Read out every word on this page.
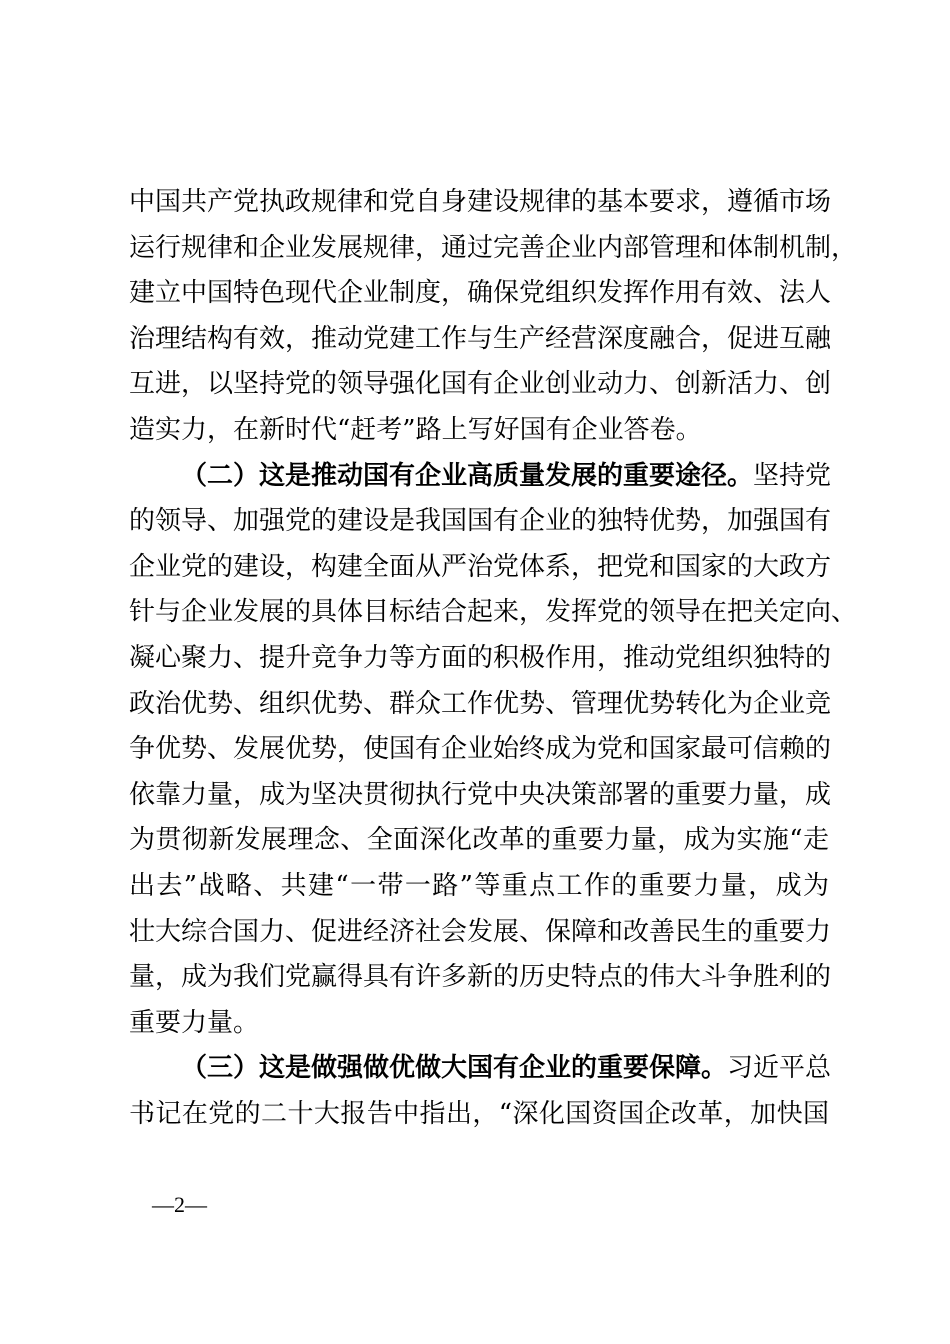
中国共产党执政规律和党自身建设规律的基本要求，遵循市场
运行规律和企业发展规律，通过完善企业内部管理和体制机制，
建立中国特色现代企业制度，确保党组织发挥作用有效、法人
治理结构有效，推动党建工作与生产经营深度融合，促进互融
互进，以坚持党的领导强化国有企业创业动力、创新活力、创
造实力，在新时代“赶考”路上写好国有企业答卷。
（二）这是推动国有企业高质量发展的重要途径。坚持党
的领导、加强党的建设是我国国有企业的独特优势，加强国有
企业党的建设，构建全面从严治党体系，把党和国家的大政方
针与企业发展的具体目标结合起来，发挥党的领导在把关定向、
凝心聚力、提升竞争力等方面的积极作用，推动党组织独特的
政治优势、组织优势、群众工作优势、管理优势转化为企业竞
争优势、发展优势，使国有企业始终成为党和国家最可信赖的
依靠力量，成为坚决贯彻执行党中央决策部署的重要力量，成
为贯彻新发展理念、全面深化改革的重要力量，成为实施“走
出去”战略、共建“一带一路”等重点工作的重要力量，成为
壮大综合国力、促进经济社会发展、保障和改善民生的重要力
量，成为我们党赢得具有许多新的历史特点的伟大斗争胜利的
重要力量。
（三）这是做强做优做大国有企业的重要保障。习近平总
书记在党的二十大报告中指出，“深化国资国企改革，加快国
—2—
